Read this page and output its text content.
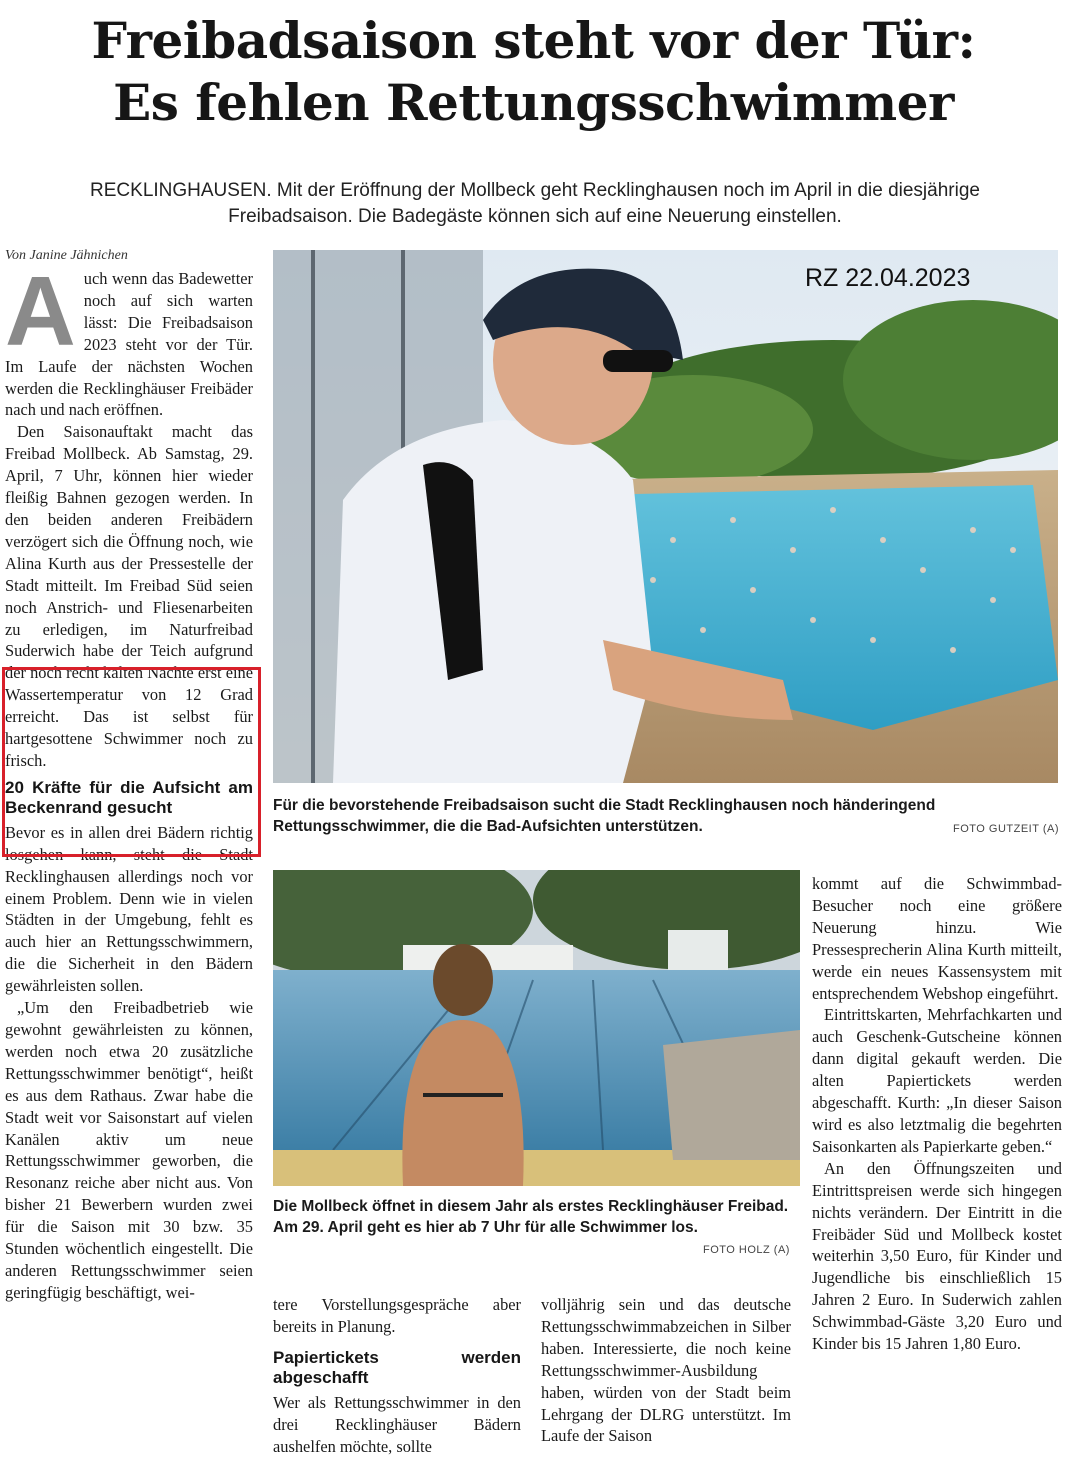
Freibadsaison steht vor der Tür:
Es fehlen Rettungsschwimmer
RECKLINGHAUSEN. Mit der Eröffnung der Mollbeck geht Recklinghausen noch im April in die diesjährige Freibadsaison. Die Badegäste können sich auf eine Neuerung einstellen.
Von Janine Jähnichen

Auch wenn das Badewetter noch auf sich warten lässt: Die Freibadsaison 2023 steht vor der Tür. Im Laufe der nächsten Wochen werden die Recklinghäuser Freibäder nach und nach eröffnen.

Den Saisonauftakt macht das Freibad Mollbeck. Ab Samstag, 29. April, 7 Uhr, können hier wieder fleißig Bahnen gezogen werden. In den beiden anderen Freibädern verzögert sich die Öffnung noch, wie Alina Kurth aus der Pressestelle der Stadt mitteilt. Im Freibad Süd seien noch Anstrich- und Fliesenarbeiten zu erledigen, im Naturfreibad Suderwich habe der Teich aufgrund der noch recht kalten Nächte erst eine Wassertemperatur von 12 Grad erreicht. Das ist selbst für hartgesottene Schwimmer noch zu frisch.

20 Kräfte für die Aufsicht am Beckenrand gesucht

Bevor es in allen drei Bädern richtig losgehen kann, steht die Stadt Recklinghausen allerdings noch vor einem Problem. Denn wie in vielen Städten in der Umgebung, fehlt es auch hier an Rettungsschwimmern, die die Sicherheit in den Bädern gewährleisten sollen.

„Um den Freibadbetrieb wie gewohnt gewährleisten zu können, werden noch etwa 20 zusätzliche Rettungsschwimmer benötigt“, heißt es aus dem Rathaus. Zwar habe die Stadt weit vor Saisonstart auf vielen Kanälen aktiv um neue Rettungsschwimmer geworben, die Resonanz reiche aber nicht aus. Von bisher 21 Bewerbern wurden zwei für die Saison mit 30 bzw. 35 Stunden wöchentlich eingestellt. Die anderen Rettungsschwimmer seien geringfügig beschäftigt, wei-

RZ 22.04.2023
Für die bevorstehende Freibadsaison sucht die Stadt Recklinghausen noch händeringend Rettungsschwimmer, die die Bad-Aufsichten unterstützen.	FOTO GUTZEIT (A)
Die Mollbeck öffnet in diesem Jahr als erstes Recklinghäuser Freibad. Am 29. April geht es hier ab 7 Uhr für alle Schwimmer los.
FOTO HOLZ (A)

tere Vorstellungsgespräche aber bereits in Planung.

Papiertickets werden abgeschafft

Wer als Rettungsschwimmer in den drei Recklinghäuser Bädern aushelfen möchte, sollte

volljährig sein und das deutsche Rettungsschwimmabzeichen in Silber haben. Interessierte, die noch keine Rettungsschwimmer-Ausbildung haben, würden von der Stadt beim Lehrgang der DLRG unterstützt. Im Laufe der Saison

kommt auf die Schwimmbad-Besucher noch eine größere Neuerung hinzu. Wie Pressesprecherin Alina Kurth mitteilt, werde ein neues Kassensystem mit entsprechendem Webshop eingeführt.

Eintrittskarten, Mehrfachkarten und auch Geschenk-Gutscheine können dann digital gekauft werden. Die alten Papiertickets werden abgeschafft. Kurth: „In dieser Saison wird es also letztmalig die begehrten Saisonkarten als Papierkarte geben.“

An den Öffnungszeiten und Eintrittspreisen werde sich hingegen nichts verändern. Der Eintritt in die Freibäder Süd und Mollbeck kostet weiterhin 3,50 Euro, für Kinder und Jugendliche bis einschließlich 15 Jahren 2 Euro. In Suderwich zahlen Schwimmbad-Gäste 3,20 Euro und Kinder bis 15 Jahren 1,80 Euro.
